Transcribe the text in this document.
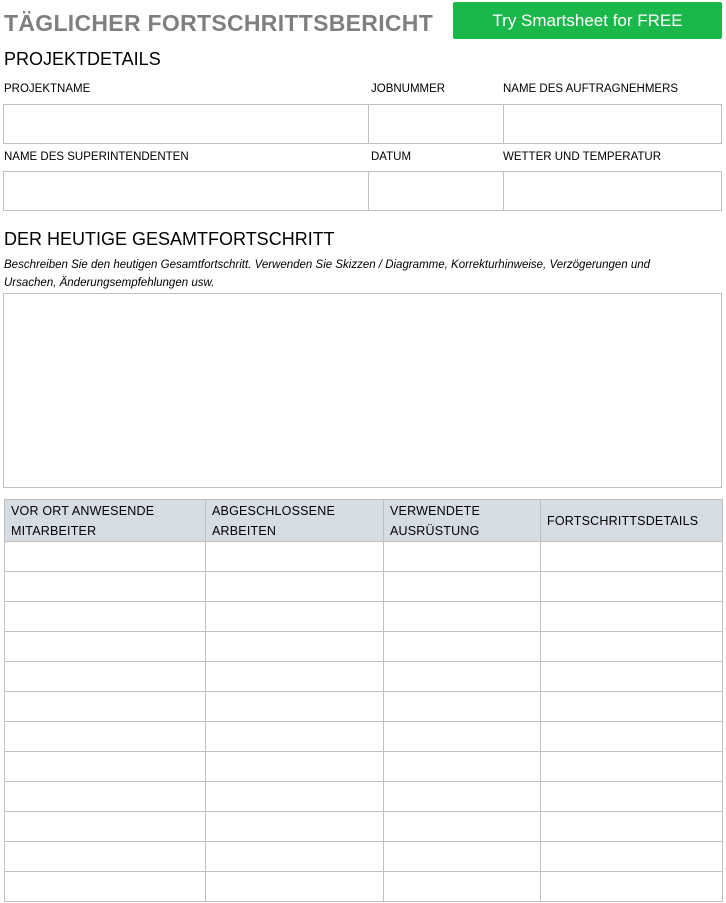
TÄGLICHER FORTSCHRITTSBERICHT	Try Smartsheet for FREE
PROJEKTDETAILS
PROJEKTNAME	JOBNUMMER	NAME DES AUFTRAGNEHMERS
NAME DES SUPERINTENDENTEN	DATUM	WETTER UND TEMPERATUR
DER HEUTIGE GESAMTFORTSCHRITT
Beschreiben Sie den heutigen Gesamtfortschritt. Verwenden Sie Skizzen / Diagramme, Korrekturhinweise, Verzögerungen und Ursachen, Änderungsempfehlungen usw.
VOR ORT ANWESENDE MITARBEITER	ABGESCHLOSSENE ARBEITEN	VERWENDETE AUSRÜSTUNG	FORTSCHRITTSDETAILS
